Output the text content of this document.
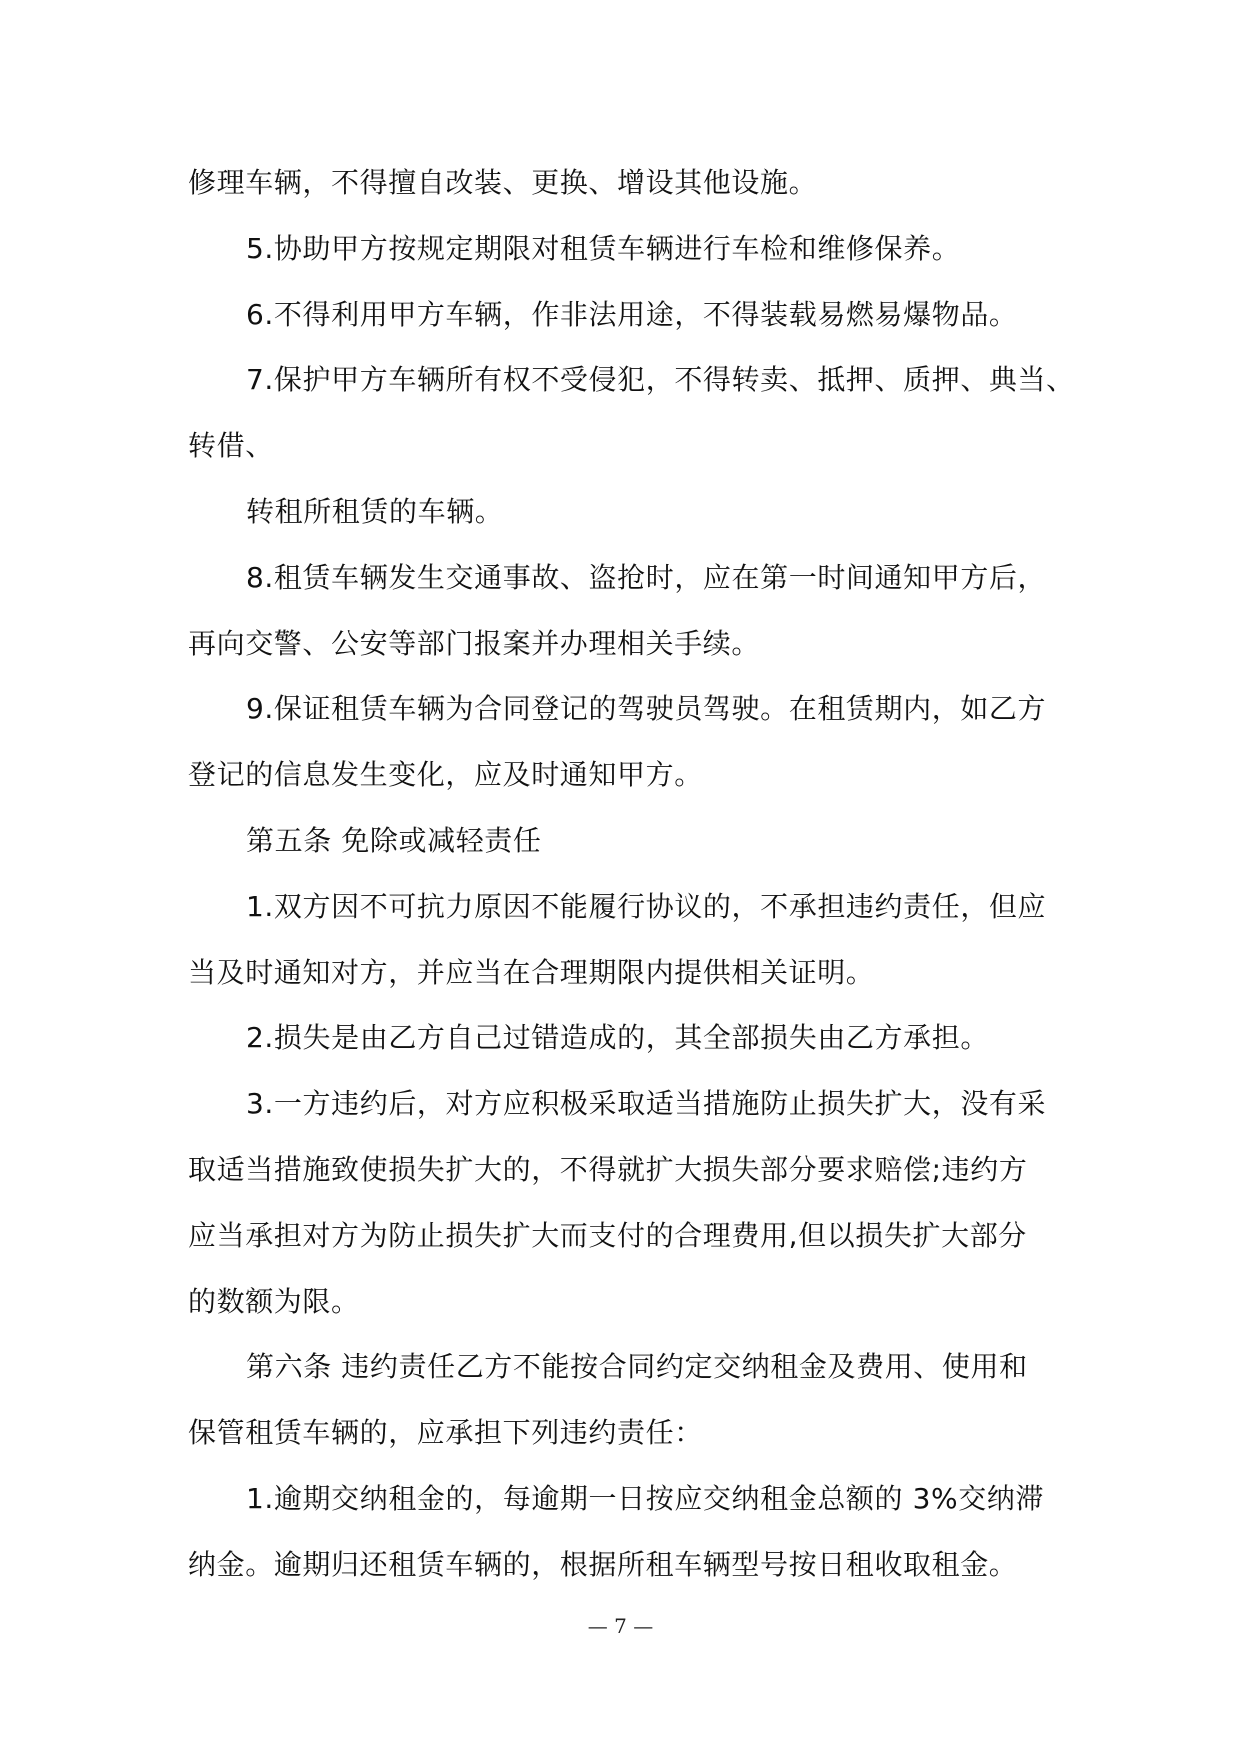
修理车辆，不得擅自改装、更换、增设其他设施。
5.协助甲方按规定期限对租赁车辆进行车检和维修保养。
6.不得利用甲方车辆，作非法用途，不得装载易燃易爆物品。
7.保护甲方车辆所有权不受侵犯，不得转卖、抵押、质押、典当、
转借、
转租所租赁的车辆。
8.租赁车辆发生交通事故、盗抢时，应在第一时间通知甲方后，
再向交警、公安等部门报案并办理相关手续。
9.保证租赁车辆为合同登记的驾驶员驾驶。在租赁期内，如乙方
登记的信息发生变化，应及时通知甲方。
第五条 免除或减轻责任
1.双方因不可抗力原因不能履行协议的，不承担违约责任，但应
当及时通知对方，并应当在合理期限内提供相关证明。
2.损失是由乙方自己过错造成的，其全部损失由乙方承担。
3.一方违约后，对方应积极采取适当措施防止损失扩大，没有采
取适当措施致使损失扩大的，不得就扩大损失部分要求赔偿;违约方
应当承担对方为防止损失扩大而支付的合理费用,但以损失扩大部分
的数额为限。
第六条 违约责任乙方不能按合同约定交纳租金及费用、使用和
保管租赁车辆的，应承担下列违约责任：
1.逾期交纳租金的，每逾期一日按应交纳租金总额的 3%交纳滞
纳金。逾期归还租赁车辆的，根据所租车辆型号按日租收取租金。
— 7 —
